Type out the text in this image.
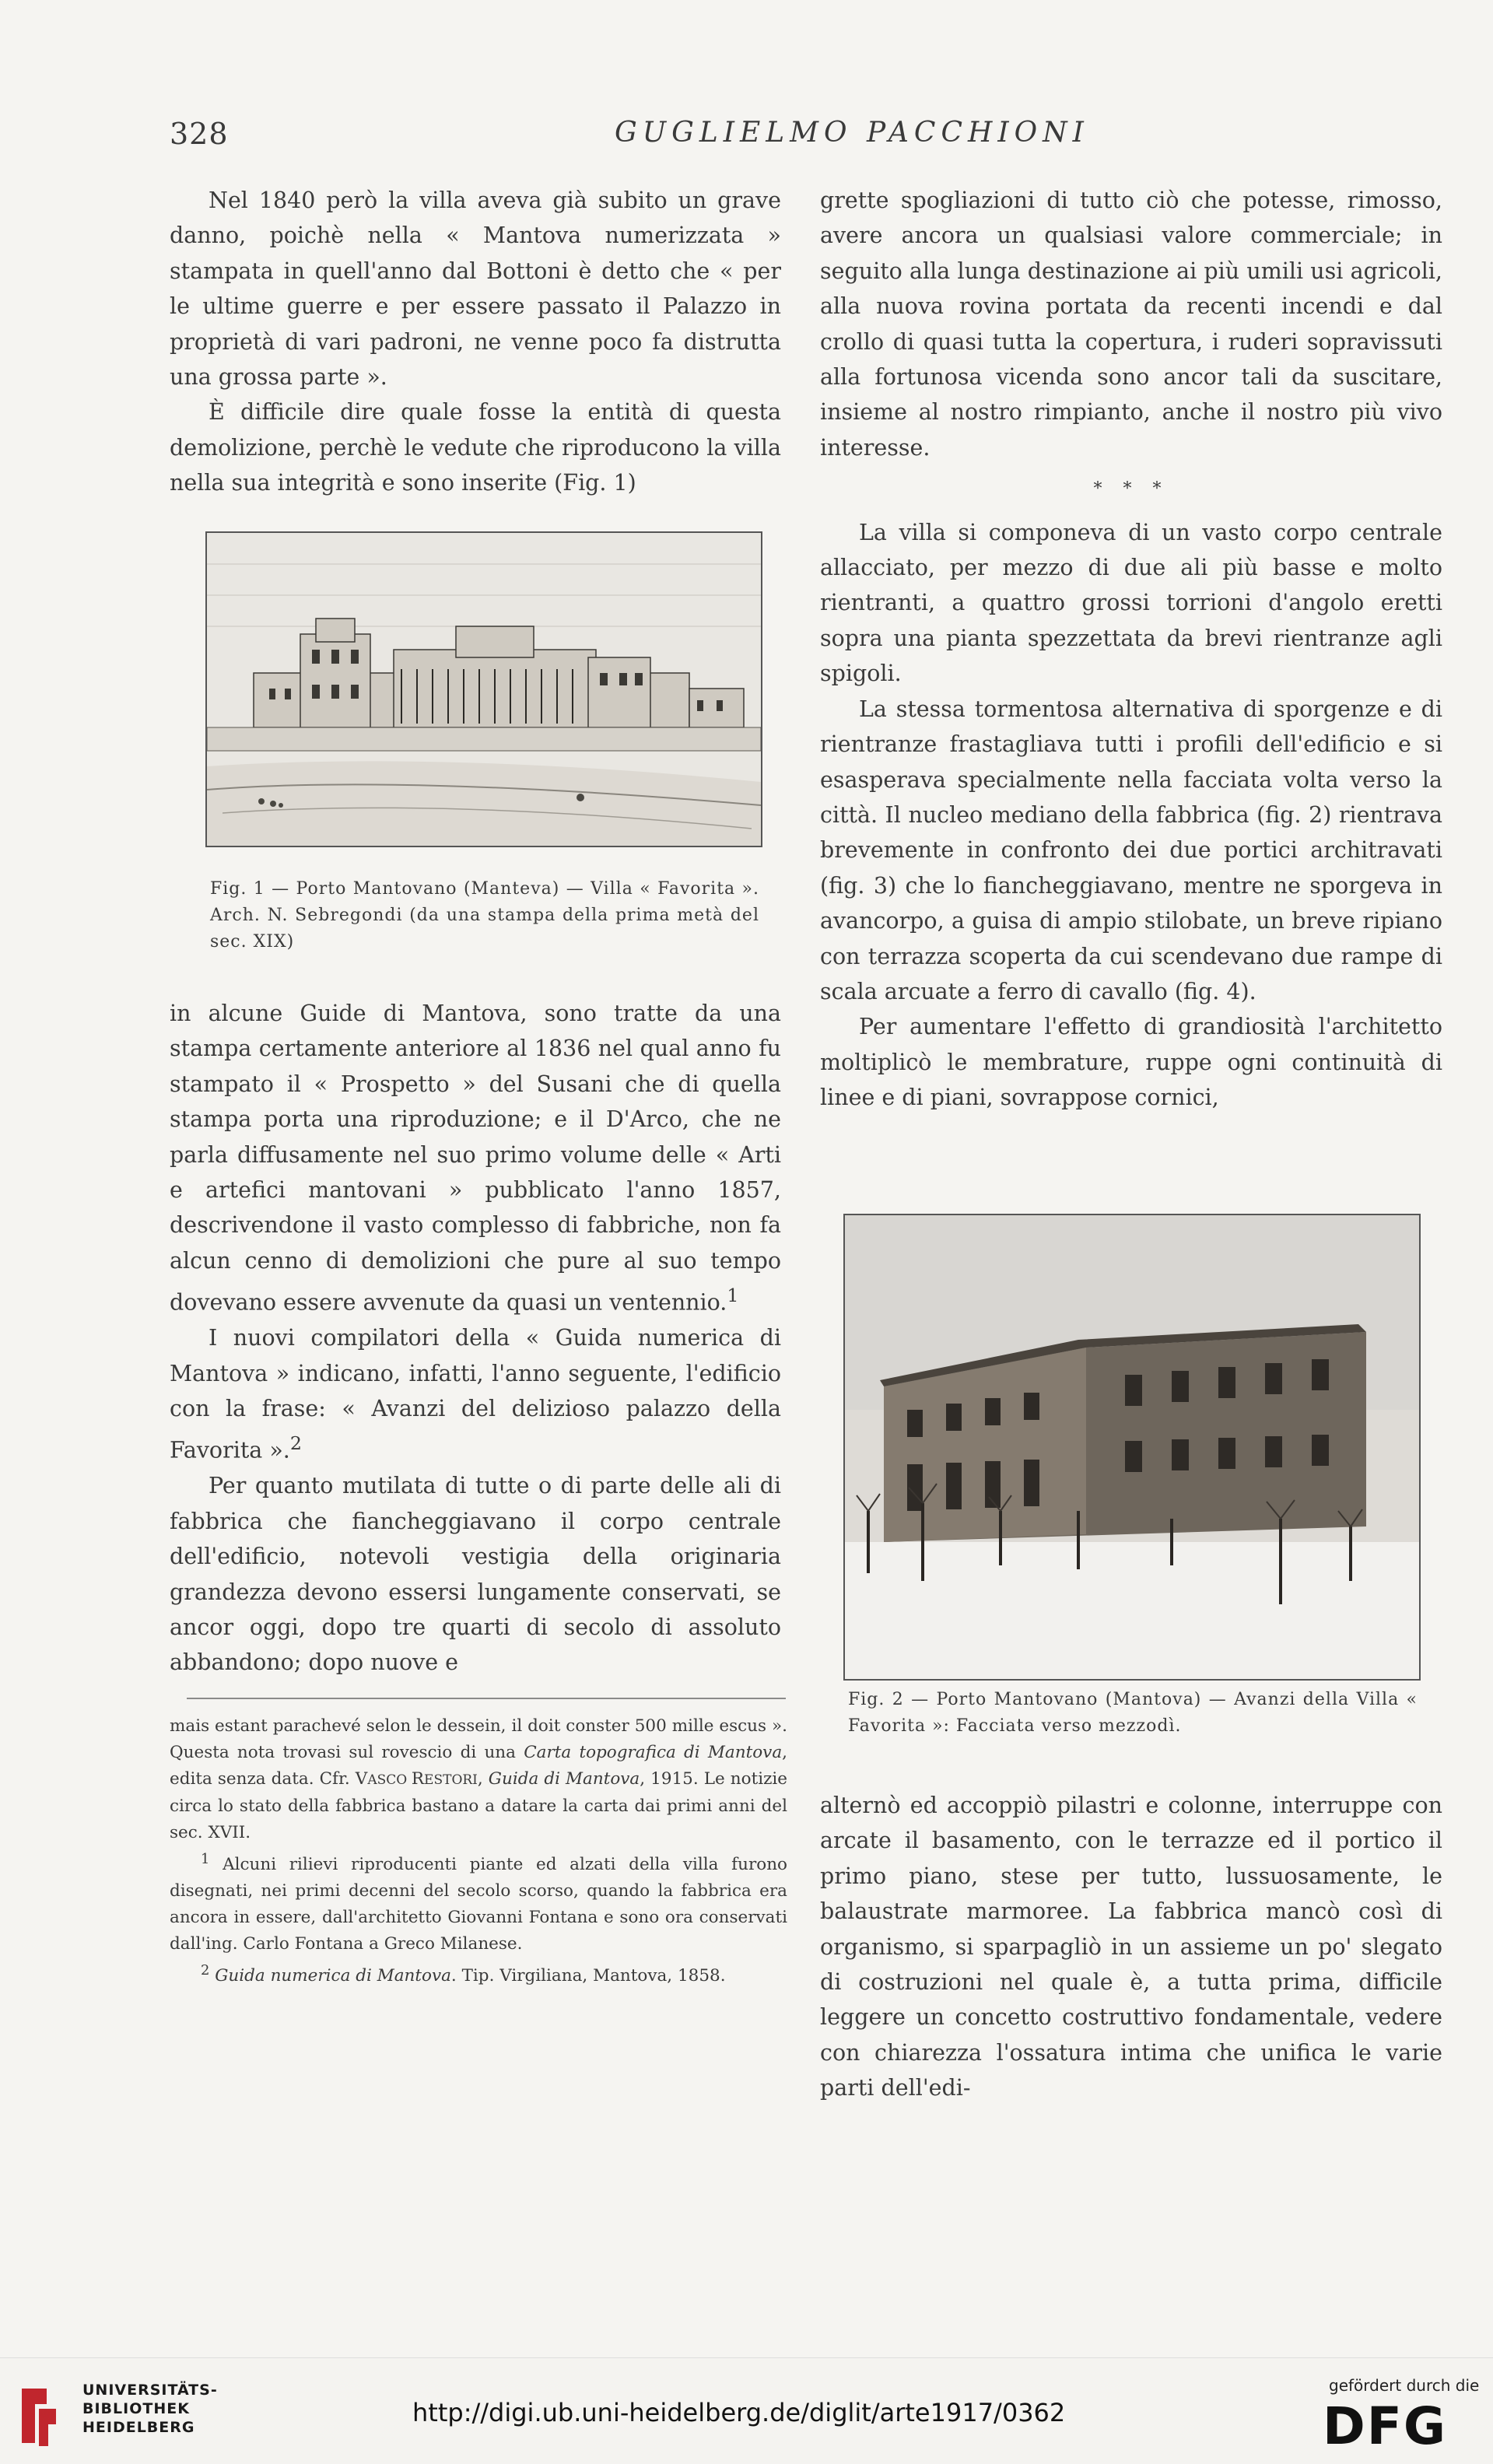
328	GUGLIELMO PACCHIONI

Nel 1840 però la villa aveva già subito un grave danno, poichè nella « Mantova numerizzata » stampata in quell'anno dal Bottoni è detto che « per le ultime guerre e per essere passato il Palazzo in proprietà di vari padroni, ne venne poco fa distrutta una grossa parte ».

È difficile dire quale fosse la entità di questa demolizione, perchè le vedute che riproducono la villa nella sua integrità e sono inserite (Fig. 1)

Fig. 1 — Porto Mantovano (Manteva) — Villa « Favorita ». Arch. N. Sebregondi (da una stampa della prima metà del sec. XIX)

in alcune Guide di Mantova, sono tratte da una stampa certamente anteriore al 1836 nel qual anno fu stampato il « Prospetto » del Susani che di quella stampa porta una riproduzione; e il D'Arco, che ne parla diffusamente nel suo primo volume delle « Arti e artefici mantovani » pubblicato l'anno 1857, descrivendone il vasto complesso di fabbriche, non fa alcun cenno di demolizioni che pure al suo tempo dovevano essere avvenute da quasi un ventennio.$^1$

I nuovi compilatori della « Guida numerica di Mantova » indicano, infatti, l'anno seguente, l'edificio con la frase: « Avanzi del delizioso palazzo della Favorita ».$^2$

Per quanto mutilata di tutte o di parte delle ali di fabbrica che fiancheggiavano il corpo centrale dell'edificio, notevoli vestigia della originaria grandezza devono essersi lungamente conservati, se ancor oggi, dopo tre quarti di secolo di assoluto abbandono; dopo nuove e

mais estant parachevé selon le dessein, il doit conster 500 mille escus ». Questa nota trovasi sul rovescio di una Carta topografica di Mantova, edita senza data. Cfr. VASCO RESTORI, Guida di Mantova, 1915. Le notizie circa lo stato della fabbrica bastano a datare la carta dai primi anni del sec. XVII.

$^1$ Alcuni rilievi riproducenti piante ed alzati della villa furono disegnati, nei primi decenni del secolo scorso, quando la fabbrica era ancora in essere, dall'architetto Giovanni Fontana e sono ora conservati dall'ing. Carlo Fontana a Greco Milanese.

$^2$ Guida numerica di Mantova. Tip. Virgiliana, Mantova, 1858.

grette spogliazioni di tutto ciò che potesse, rimosso, avere ancora un qualsiasi valore commerciale; in seguito alla lunga destinazione ai più umili usi agricoli, alla nuova rovina portata da recenti incendi e dal crollo di quasi tutta la copertura, i ruderi sopravissuti alla fortunosa vicenda sono ancor tali da suscitare, insieme al nostro rimpianto, anche il nostro più vivo interesse.

* * *

La villa si componeva di un vasto corpo centrale allacciato, per mezzo di due ali più basse e molto rientranti, a quattro grossi torrioni d'angolo eretti sopra una pianta spezzettata da brevi rientranze agli spigoli.

La stessa tormentosa alternativa di sporgenze e di rientranze frastagliava tutti i profili dell'edificio e si esasperava specialmente nella facciata volta verso la città. Il nucleo mediano della fabbrica (fig. 2) rientrava brevemente in confronto dei due portici architravati (fig. 3) che lo fiancheggiavano, mentre ne sporgeva in avancorpo, a guisa di ampio stilobate, un breve ripiano con terrazza scoperta da cui scendevano due rampe di scala arcuate a ferro di cavallo (fig. 4).

Per aumentare l'effetto di grandiosità l'architetto moltiplicò le membrature, ruppe ogni continuità di linee e di piani, sovrappose cornici,

Fig. 2 — Porto Mantovano (Mantova) — Avanzi della Villa « Favorita »: Facciata verso mezzodì.

alternò ed accoppiò pilastri e colonne, interruppe con arcate il basamento, con le terrazze ed il portico il primo piano, stese per tutto, lussuosamente, le balaustrate marmoree. La fabbrica mancò così di organismo, si sparpagliò in un assieme un po' slegato di costruzioni nel quale è, a tutta prima, difficile leggere un concetto costruttivo fondamentale, vedere con chiarezza l'ossatura intima che unifica le varie parti dell'edi-

UNIVERSITÄTS-
BIBLIOTHEK
HEIDELBERG	http://digi.ub.uni-heidelberg.de/diglit/arte1917/0362
gefördert durch die
DFG
